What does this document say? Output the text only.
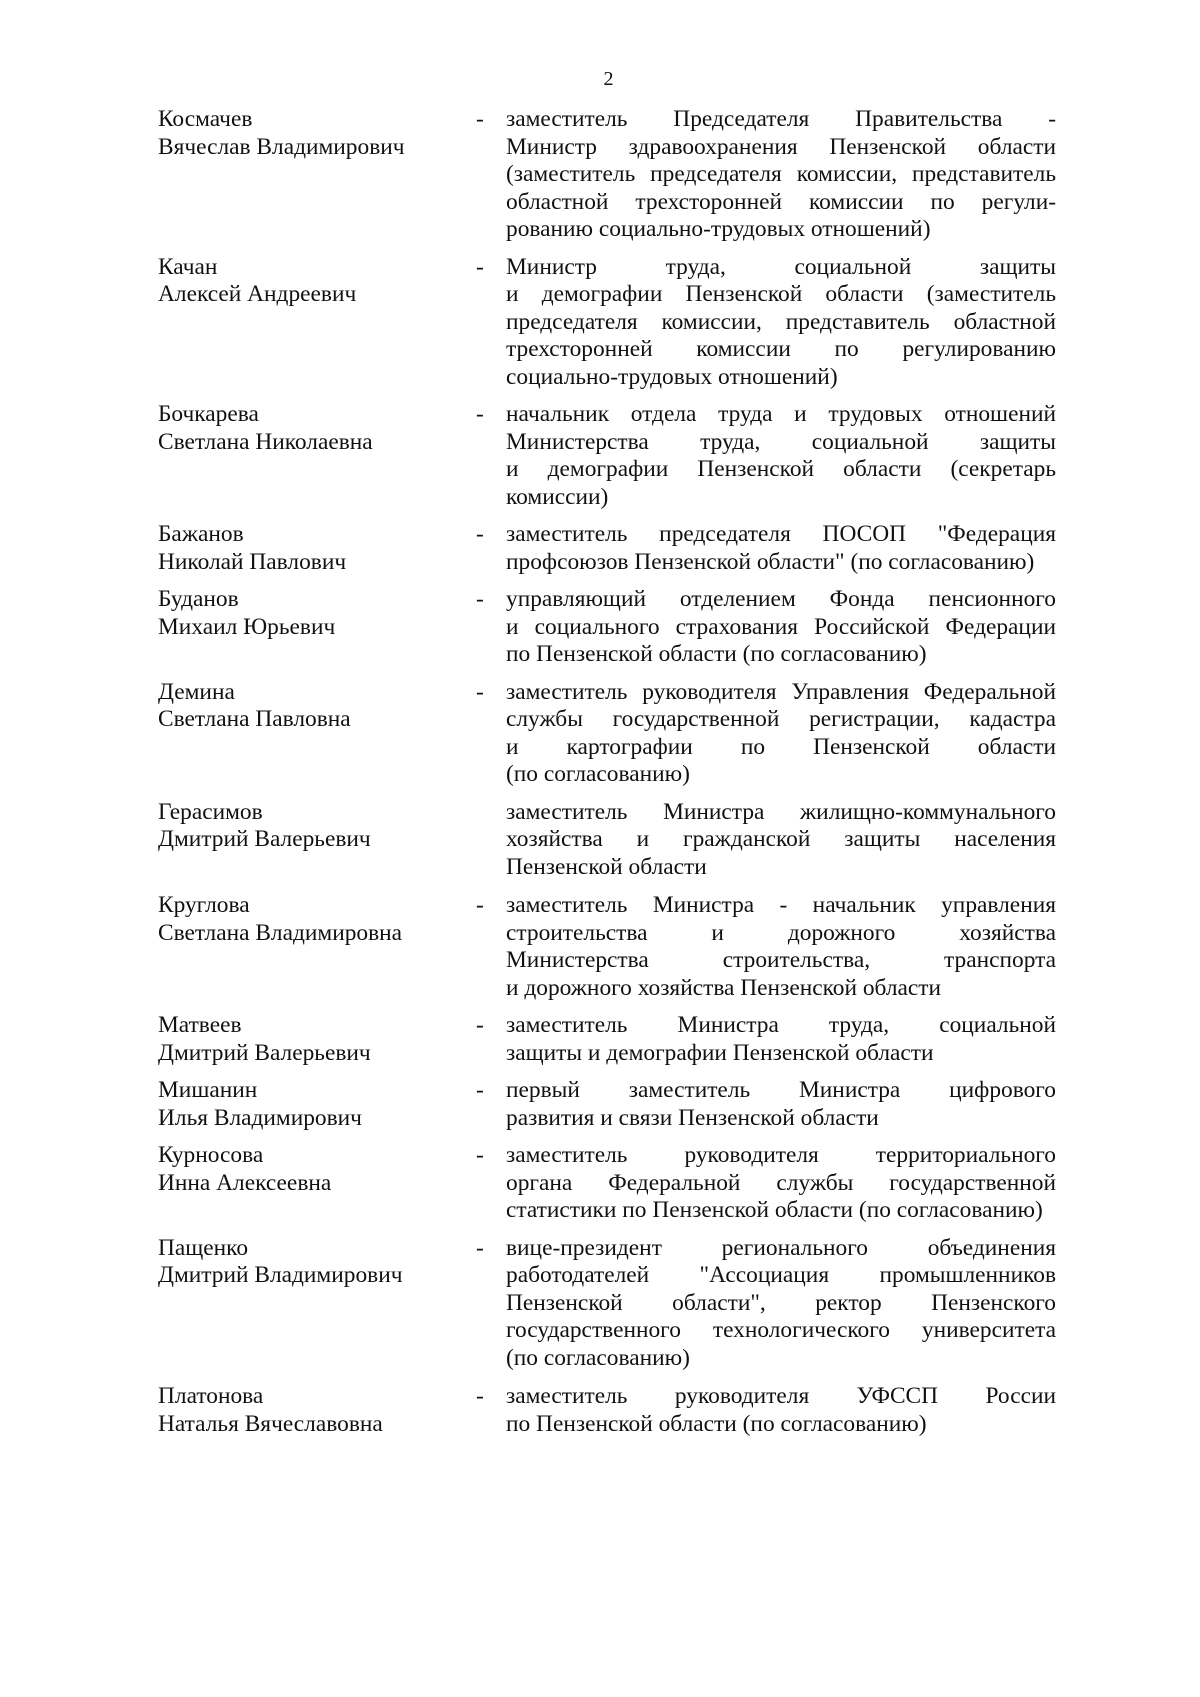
2
Космачев
Вячеслав Владимирович
- заместитель Председателя Правительства -
Министр здравоохранения Пензенской области
(заместитель председателя комиссии, представитель
областной трехсторонней комиссии по регули-
рованию социально-трудовых отношений)
Качан
Алексей Андреевич
- Министр труда, социальной защиты
и демографии Пензенской области (заместитель
председателя комиссии, представитель областной
трехсторонней комиссии по регулированию
социально-трудовых отношений)
Бочкарева
Светлана Николаевна
- начальник отдела труда и трудовых отношений
Министерства труда, социальной защиты
и демографии Пензенской области (секретарь
комиссии)
Бажанов
Николай Павлович
- заместитель председателя ПОСОП "Федерация
профсоюзов Пензенской области" (по согласованию)
Буданов
Михаил Юрьевич
- управляющий отделением Фонда пенсионного
и социального страхования Российской Федерации
по Пензенской области (по согласованию)
Демина
Светлана Павловна
- заместитель руководителя Управления Федеральной
службы государственной регистрации, кадастра
и картографии по Пензенской области
(по согласованию)
Герасимов
Дмитрий Валерьевич
заместитель Министра жилищно-коммунального
хозяйства и гражданской защиты населения
Пензенской области
Круглова
Светлана Владимировна
- заместитель Министра - начальник управления
строительства и дорожного хозяйства
Министерства строительства, транспорта
и дорожного хозяйства Пензенской области
Матвеев
Дмитрий Валерьевич
- заместитель Министра труда, социальной
защиты и демографии Пензенской области
Мишанин
Илья Владимирович
- первый заместитель Министра цифрового
развития и связи Пензенской области
Курносова
Инна Алексеевна
- заместитель руководителя территориального
органа Федеральной службы государственной
статистики по Пензенской области (по согласованию)
Пащенко
Дмитрий Владимирович
- вице-президент регионального объединения
работодателей "Ассоциация промышленников
Пензенской области", ректор Пензенского
государственного технологического университета
(по согласованию)
Платонова
Наталья Вячеславовна
- заместитель руководителя УФССП России
по Пензенской области (по согласованию)
